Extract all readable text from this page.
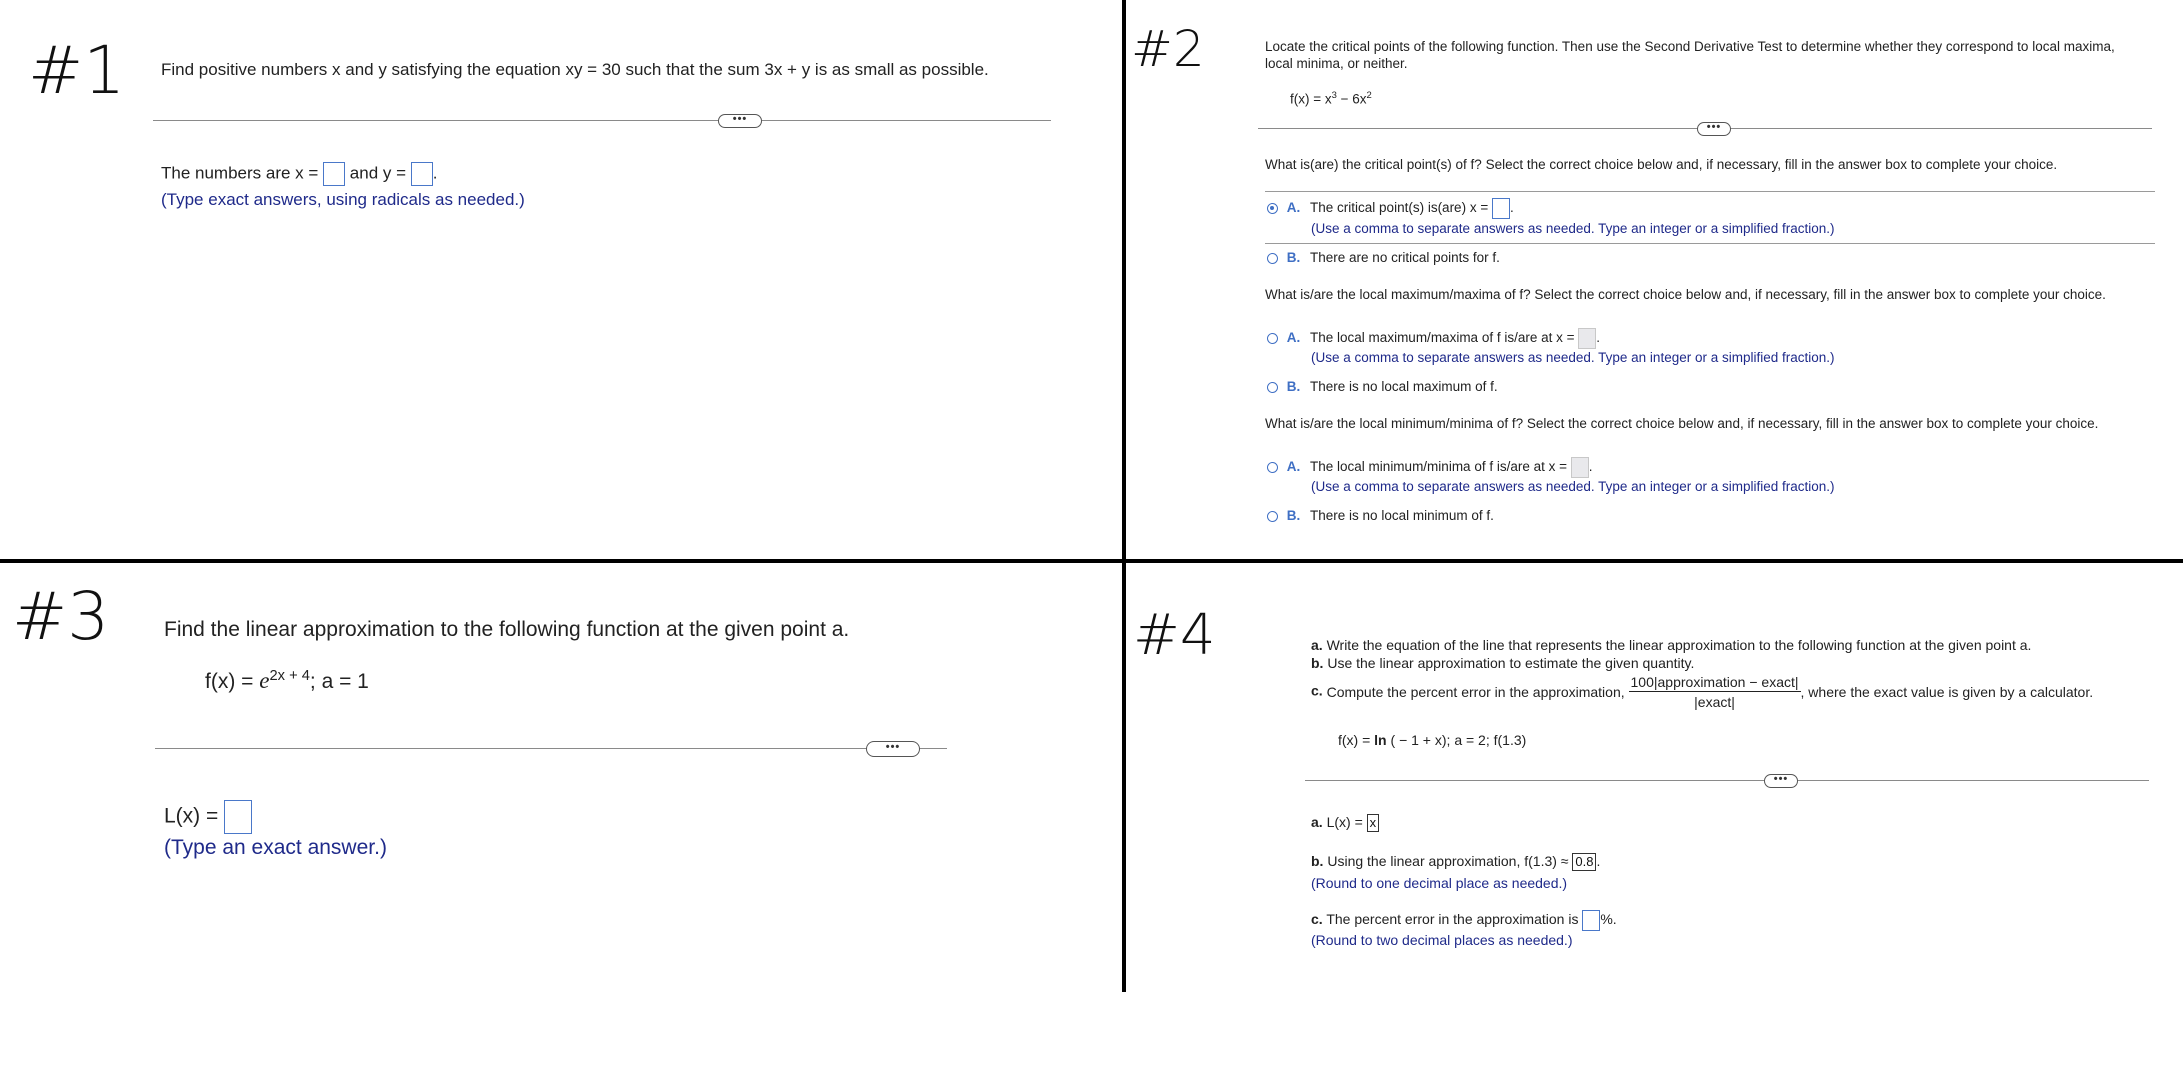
#1 Find positive numbers x and y satisfying the equation xy = 30 such that the sum 3x + y is as small as possible.
•••
The numbers are x = and y = .
(Type exact answers, using radicals as needed.)
#2	Locate the critical points of the following function. Then use the Second Derivative Test to determine whether they correspond to local maxima, local minima, or neither.
$f(x) = x^3 - 6x^2$
•••
What is(are) the critical point(s) of f? Select the correct choice below and, if necessary, fill in the answer box to complete your choice.
A. The critical point(s) is(are) x = .
(Use a comma to separate answers as needed. Type an integer or a simplified fraction.)
B. There are no critical points for f.
What is/are the local maximum/maxima of f? Select the correct choice below and, if necessary, fill in the answer box to complete your choice.
A. The local maximum/maxima of f is/are at x = .
(Use a comma to separate answers as needed. Type an integer or a simplified fraction.)
B. There is no local maximum of f.
What is/are the local minimum/minima of f? Select the correct choice below and, if necessary, fill in the answer box to complete your choice.
A. The local minimum/minima of f is/are at x = .
(Use a comma to separate answers as needed. Type an integer or a simplified fraction.)
B. There is no local minimum of f.
#3	Find the linear approximation to the following function at the given point a.
$f(x) = e^{2x + 4}$; a = 1
•••
L(x) =
(Type an exact answer.)
#4	a. Write the equation of the line that represents the linear approximation to the following function at the given point a.
b. Use the linear approximation to estimate the given quantity.
c. Compute the percent error in the approximation, $\frac{\text{100|approximation − exact|}}{\text{|exact|}}$ , where the exact value is given by a calculator.
f(x) = ln ( − 1 + x); a = 2; f(1.3)
•••
a. L(x) = x
b. Using the linear approximation, f(1.3) ≈ 0.8 .
(Round to one decimal place as needed.)
c. The percent error in the approximation is %.
(Round to two decimal places as needed.)
